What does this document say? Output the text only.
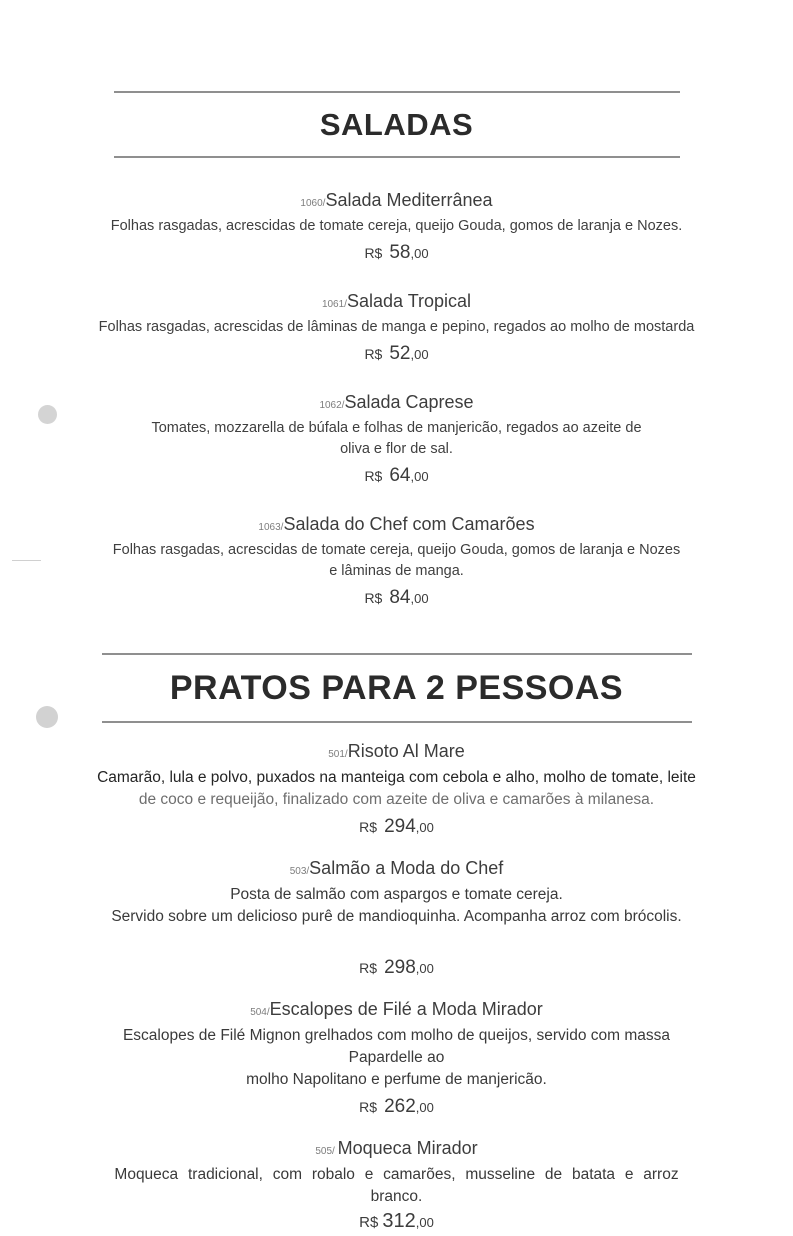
SALADAS
1060/Salada Mediterrânea
Folhas rasgadas, acrescidas de tomate cereja, queijo Gouda, gomos de laranja e Nozes.
R$ 58,00
1061/Salada Tropical
Folhas rasgadas, acrescidas de lâminas de manga e pepino, regados ao molho de mostarda
R$ 52,00
1062/Salada Caprese
Tomates, mozzarella de búfala e folhas de manjericão, regados ao azeite de
oliva e flor de sal.
R$ 64,00
1063/Salada do Chef com Camarões
Folhas rasgadas, acrescidas de tomate cereja, queijo Gouda, gomos de laranja e Nozes
e lâminas de manga.
R$ 84,00
PRATOS PARA 2 PESSOAS
501/Risoto Al Mare
Camarão, lula e polvo, puxados na manteiga com cebola e alho, molho de tomate, leite
de coco e requeijão, finalizado com azeite de oliva e camarões à milanesa.
R$ 294,00
503/Salmão a Moda do Chef
Posta de salmão com aspargos e tomate cereja.
Servido sobre um delicioso purê de mandioquinha. Acompanha arroz com brócolis.
R$ 298,00
504/Escalopes de Filé a Moda Mirador
Escalopes de Filé Mignon grelhados com molho de queijos, servido com massa Papardelle ao
molho Napolitano e perfume de manjericão.
R$ 262,00
505/ Moqueca Mirador
Moqueca tradicional, com robalo e camarões, musseline de batata e arroz branco.
R$ 312,00
